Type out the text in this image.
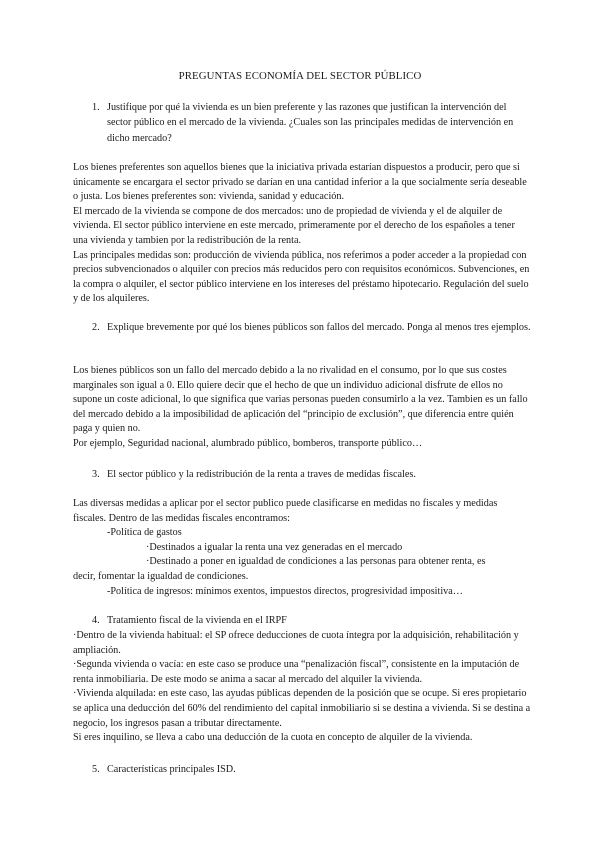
PREGUNTAS ECONOMÍA DEL SECTOR PÚBLICO
1. Justifique por qué la vivienda es un bien preferente y las razones que justifican la intervención del sector público en el mercado de la vivienda. ¿Cuales son las principales medidas de intervención en dicho mercado?

Los bienes preferentes son aquellos bienes que la iniciativa privada estarían dispuestos a producir, pero que si únicamente se encargara el sector privado se darían en una cantidad inferior a la que socialmente sería deseable o justa. Los bienes preferentes son: vivienda, sanidad y educación.

El mercado de la vivienda se compone de dos mercados: uno de propiedad de vivienda y el de alquiler de vivienda. El sector público interviene en este mercado, primeramente por el derecho de los españoles a tener una vivienda y tambien por la redistribución de la renta.

Las principales medidas son: producción de vivienda pública, nos referimos a poder acceder a la propiedad con precios subvencionados o alquiler con precios más reducidos pero con requisitos económicos. Subvenciones, en la compra o alquiler, el sector público interviene en los intereses del préstamo hipotecario. Regulación del suelo y de los alquileres.

2. Explique brevemente por qué los bienes públicos son fallos del mercado. Ponga al menos tres ejemplos.

Los bienes públicos son un fallo del mercado debido a la no rivalidad en el consumo, por lo que sus costes marginales son igual a 0. Ello quiere decir que el hecho de que un individuo adicional disfrute de ellos no supone un coste adicional, lo que significa que varias personas pueden consumirlo a la vez. Tambien es un fallo del mercado debido a la imposibilidad de aplicación del “principio de exclusión”, que diferencia entre quién paga y quien no.

Por ejemplo, Seguridad nacional, alumbrado público, bomberos, transporte público…

3. El sector público y la redistribución de la renta a traves de medidas fiscales.

Las diversas medidas a aplicar por el sector publico puede clasificarse en medidas no fiscales y medidas fiscales. Dentro de las medidas fiscales encontramos:

-Política de gastos

·Destinados a igualar la renta una vez generadas en el mercado

·Destinado a poner en igualdad de condiciones a las personas para obtener renta, es

decir, fomentar la igualdad de condiciones.

-Política de ingresos: mínimos exentos, impuestos directos, progresividad impositiva…

4. Tratamiento fiscal de la vivienda en el IRPF

·Dentro de la vivienda habitual: el SP ofrece deducciones de cuota íntegra por la adquisición, rehabilitación y ampliación.

·Segunda vivienda o vacía: en este caso se produce una “penalización fiscal”, consistente en la imputación de renta inmobiliaria. De este modo se anima a sacar al mercado del alquiler la vivienda.

·Vivienda alquilada: en este caso, las ayudas públicas dependen de la posición que se ocupe. Si eres propietario se aplica una deducción del 60% del rendimiento del capital inmobiliario si se destina a vivienda. Si se destina a negocio, los ingresos pasan a tributar directamente.

Si eres inquilino, se lleva a cabo una deducción de la cuota en concepto de alquiler de la vivienda.

5. Características principales ISD.
